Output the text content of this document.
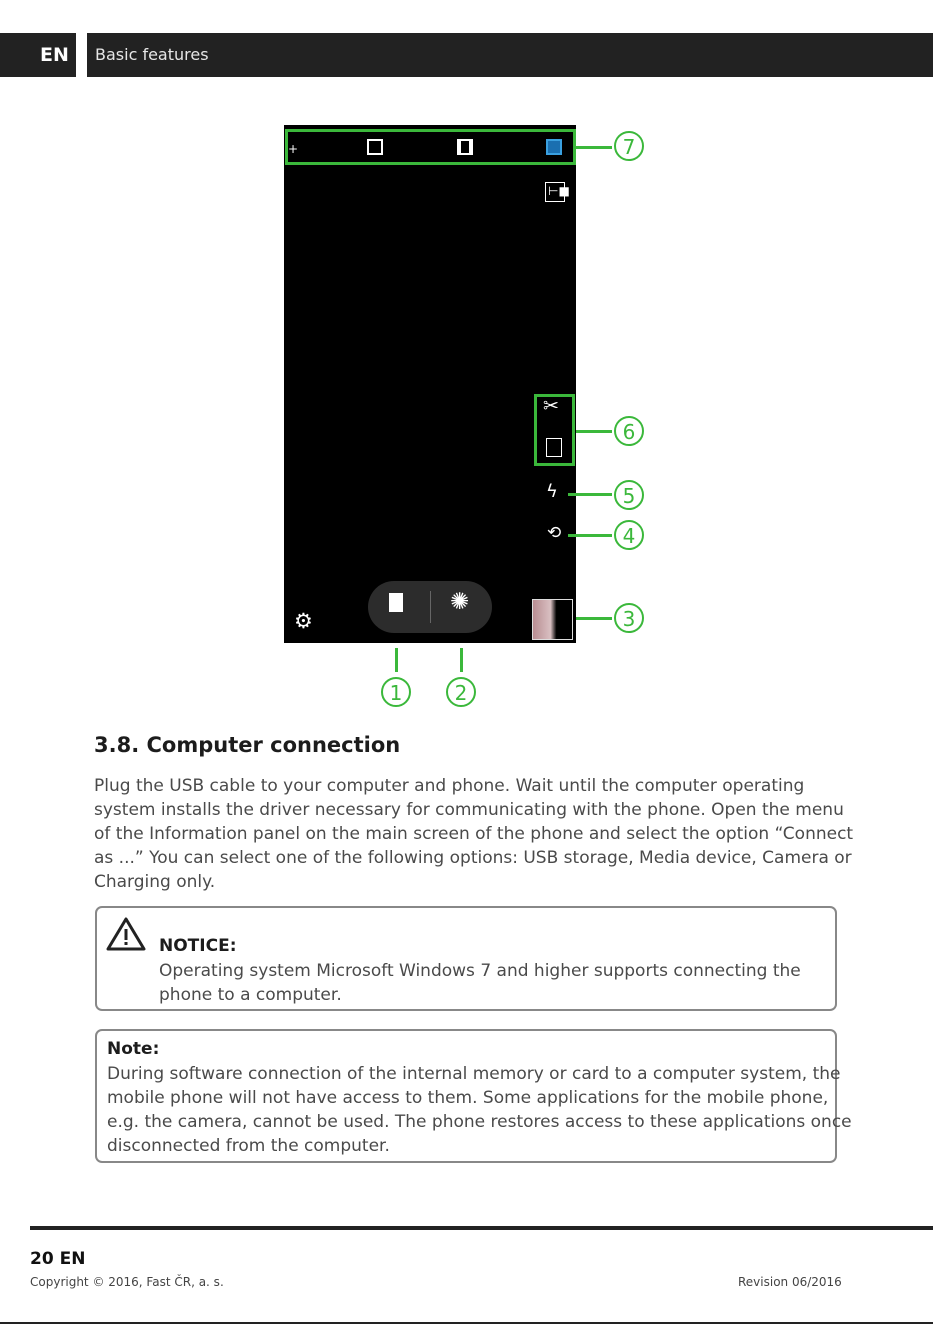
EN	Basic features
+
⊢■
✂
ϟ
⟲
⚙
✺
7
6
5
4
3
1	2
3.8. Computer connection
Plug the USB cable to your computer and phone. Wait until the computer operating
system installs the driver necessary for communicating with the phone. Open the menu
of the Information panel on the main screen of the phone and select the option “Connect
as ...” You can select one of the following options: USB storage, Media device, Camera or
Charging only.
NOTICE:
Operating system Microsoft Windows 7 and higher supports connecting the
phone to a computer.
Note:
During software connection of the internal memory or card to a computer system, the
mobile phone will not have access to them. Some applications for the mobile phone,
e.g. the camera, cannot be used. The phone restores access to these applications once
disconnected from the computer.
20 EN
Copyright © 2016, Fast ČR, a. s.	Revision 06/2016
